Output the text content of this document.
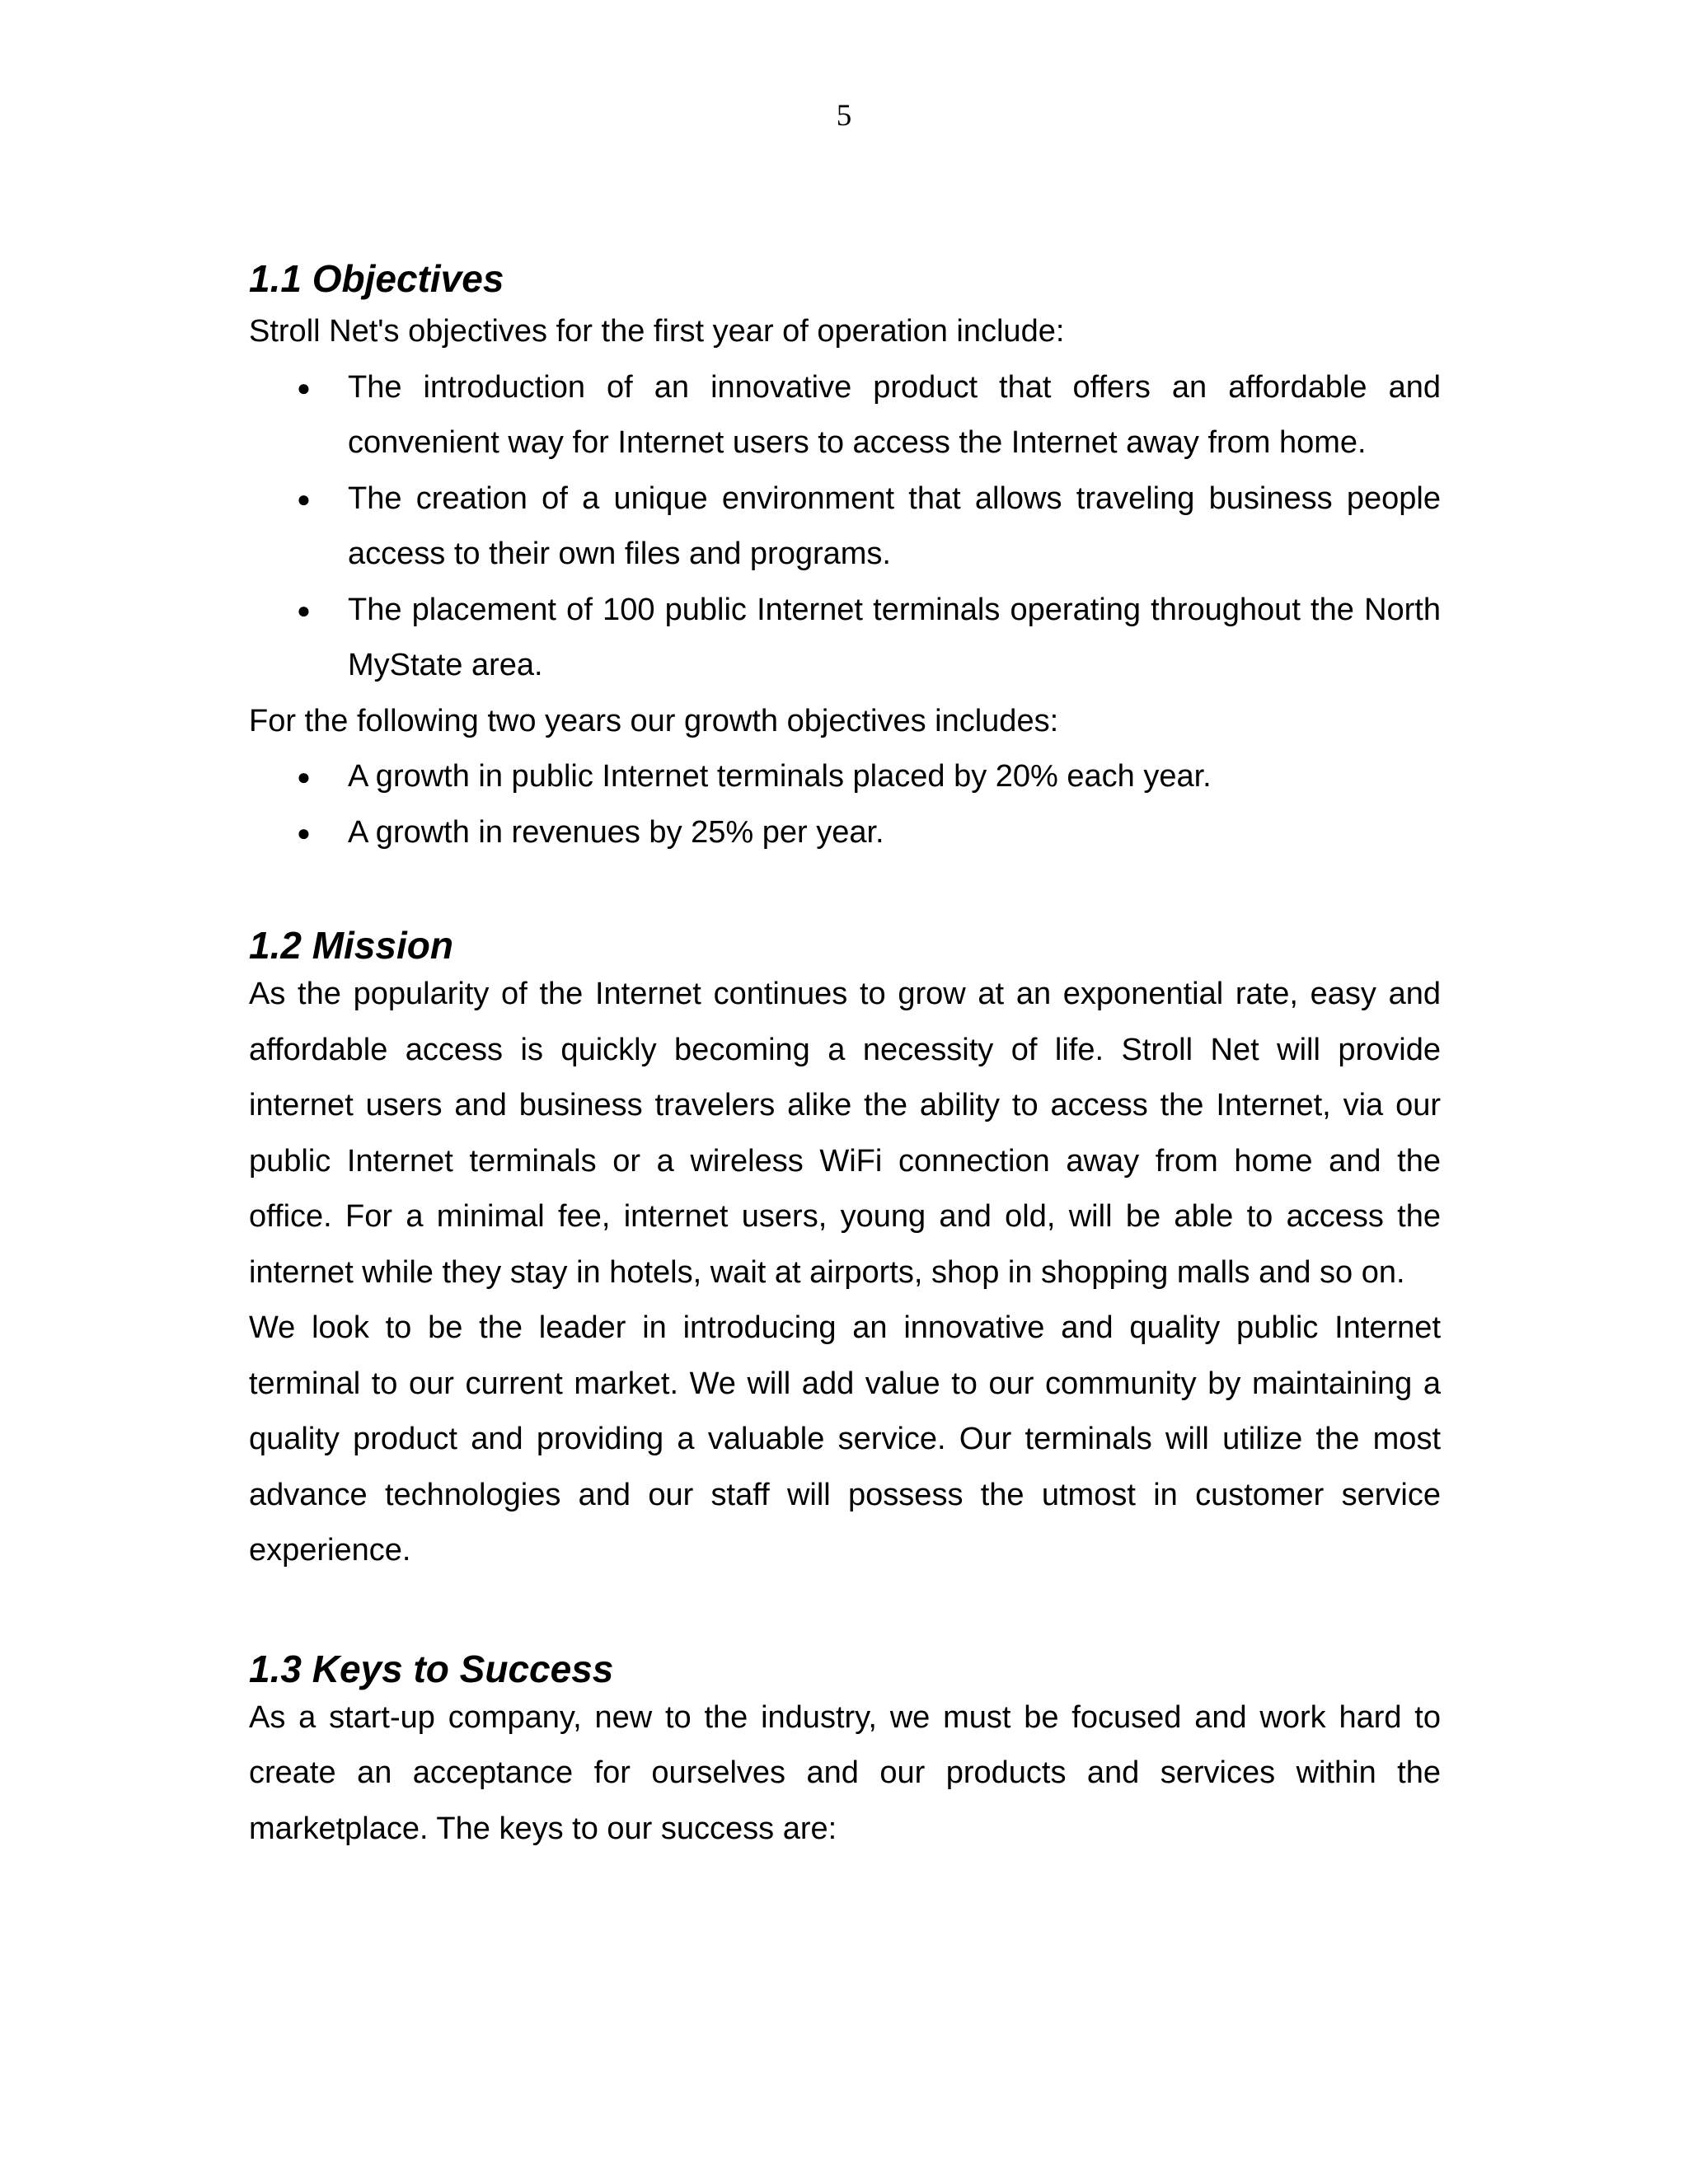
5
1.1 Objectives

Stroll Net's objectives for the first year of operation include:

● The introduction of an innovative product that offers an affordable and convenient way for Internet users to access the Internet away from home.
● The creation of a unique environment that allows traveling business people access to their own files and programs.
● The placement of 100 public Internet terminals operating throughout the North MyState area.

For the following two years our growth objectives includes:

● A growth in public Internet terminals placed by 20% each year.
● A growth in revenues by 25% per year.
1.2 Mission

As the popularity of the Internet continues to grow at an exponential rate, easy and affordable access is quickly becoming a necessity of life. Stroll Net will provide internet users and business travelers alike the ability to access the Internet, via our public Internet terminals or a wireless WiFi connection away from home and the office. For a minimal fee, internet users, young and old, will be able to access the internet while they stay in hotels, wait at airports, shop in shopping malls and so on.

We look to be the leader in introducing an innovative and quality public Internet terminal to our current market. We will add value to our community by maintaining a quality product and providing a valuable service. Our terminals will utilize the most advance technologies and our staff will possess the utmost in customer service experience.

1.3 Keys to Success

As a start-up company, new to the industry, we must be focused and work hard to create an acceptance for ourselves and our products and services within the marketplace. The keys to our success are:
